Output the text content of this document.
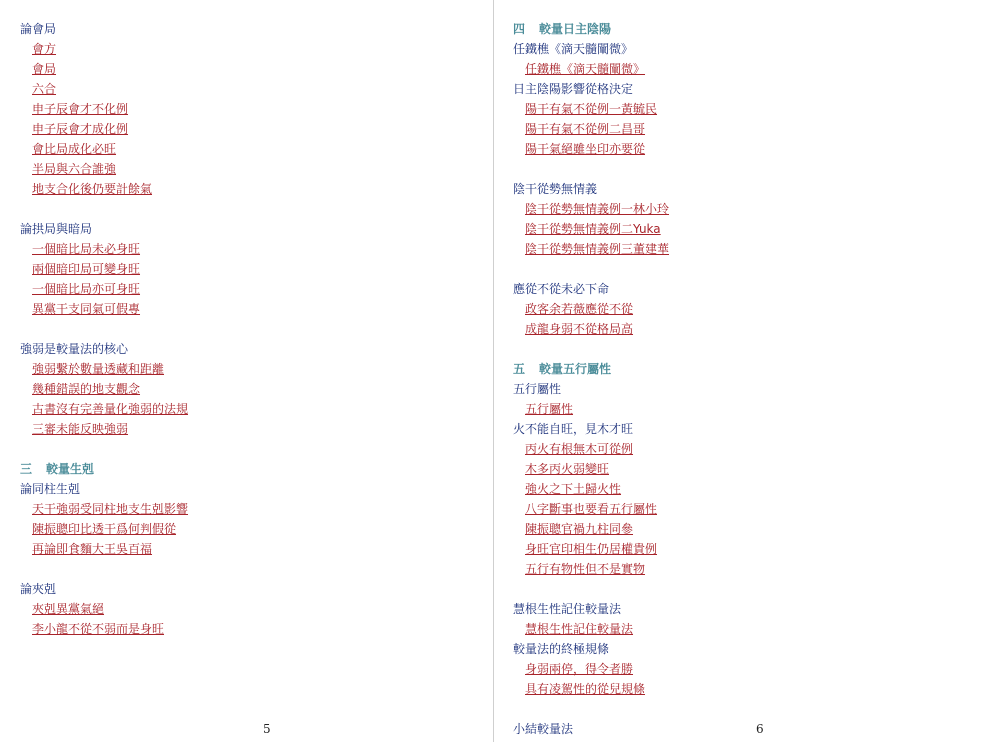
論會局
會方
會局
六合
申子辰會才不化例
申子辰會才成化例
會比局成化必旺
半局與六合誰強
地支合化後仍要計餘氣
論拱局與暗局
一個暗比局未必身旺
兩個暗印局可變身旺
一個暗比局亦可身旺
異黨干支同氣可假專
強弱是較量法的核心
強弱繫於數量透藏和距離
幾種錯誤的地支觀念
古書沒有完善量化強弱的法規
三審未能反映強弱
三 較量生剋
論同柱生剋
天干強弱受同柱地支生剋影響
陳振聰印比透干爲何判假從
再論即食麵大王吳百福
論夾剋
夾剋異黨氣絕
李小龍不從不弱而是身旺
5
四 較量日主陰陽
任鐵樵《滴天髓闡微》
任鐵樵《滴天髓闡微》
日主陰陽影響從格決定
陽干有氣不從例一黃毓民
陽干有氣不從例二昌哥
陽干氣絕雖坐印亦要從
陰干從勢無情義
陰干從勢無情義例一林小玲
陰干從勢無情義例二Yuka
陰干從勢無情義例三董建華
應從不從未必下命
政客余若薇應從不從
成龍身弱不從格局高
五 較量五行屬性
五行屬性
五行屬性
火不能自旺，見木才旺
丙火有根無木可從例
木多丙火弱變旺
強火之下土歸火性
八字斷事也要看五行屬性
陳振聰官禍九柱同參
身旺官印相生仍居權貴例
五行有物性但不是實物
慧根生性記住較量法
慧根生性記住較量法
較量法的終極規條
身弱兩停，得令者勝
具有凌駕性的從兒規條
小結較量法	6
